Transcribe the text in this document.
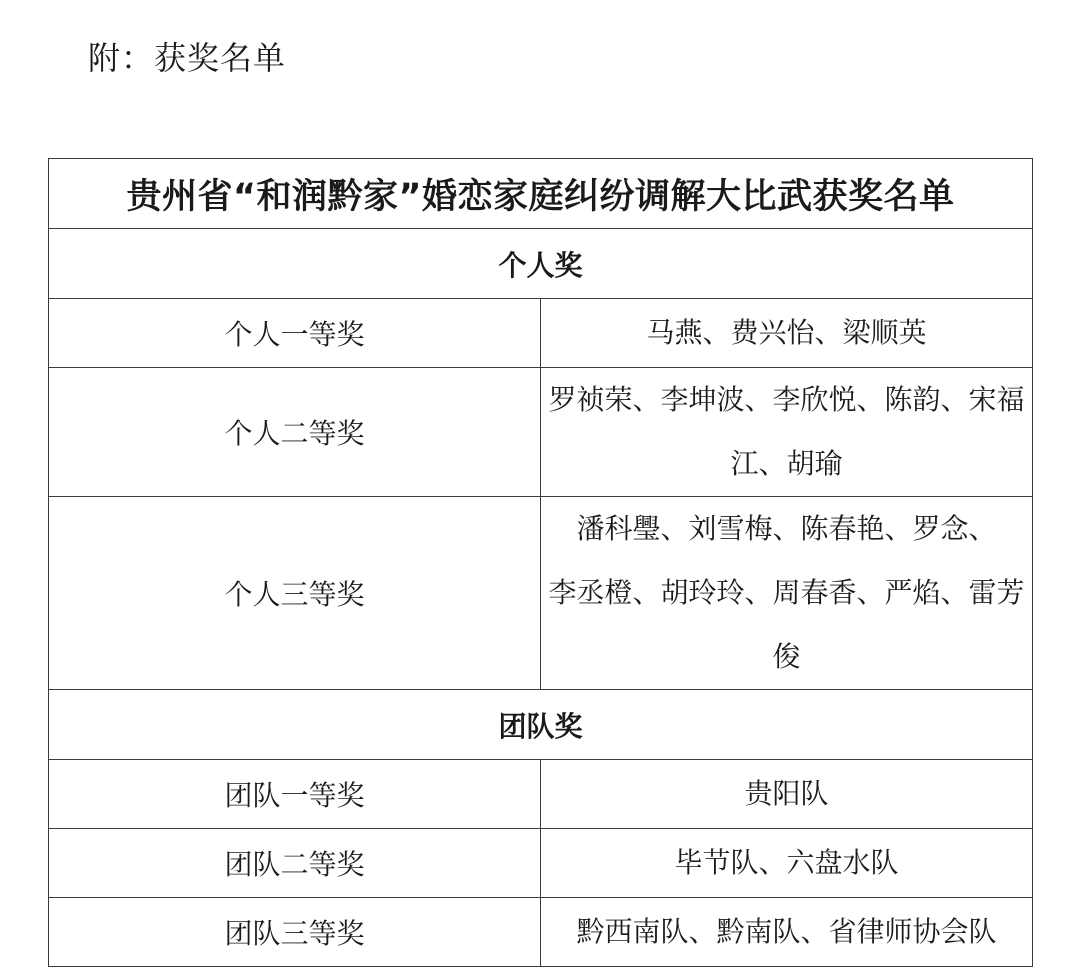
附：获奖名单
贵州省“和润黔家”婚恋家庭纠纷调解大比武获奖名单	
个人奖	
个人一等奖	马燕、费兴怡、梁顺英

个人二等奖	罗祯荣、李坤波、李欣悦、陈韵、宋福江、胡瑜

个人三等奖	潘科璺、刘雪梅、陈春艳、罗念、
李丞橙、胡玲玲、周春香、严焰、雷芳俊

团队奖	
团队一等奖	贵阳队

团队二等奖	毕节队、六盘水队

团队三等奖	黔西南队、黔南队、省律师协会队
